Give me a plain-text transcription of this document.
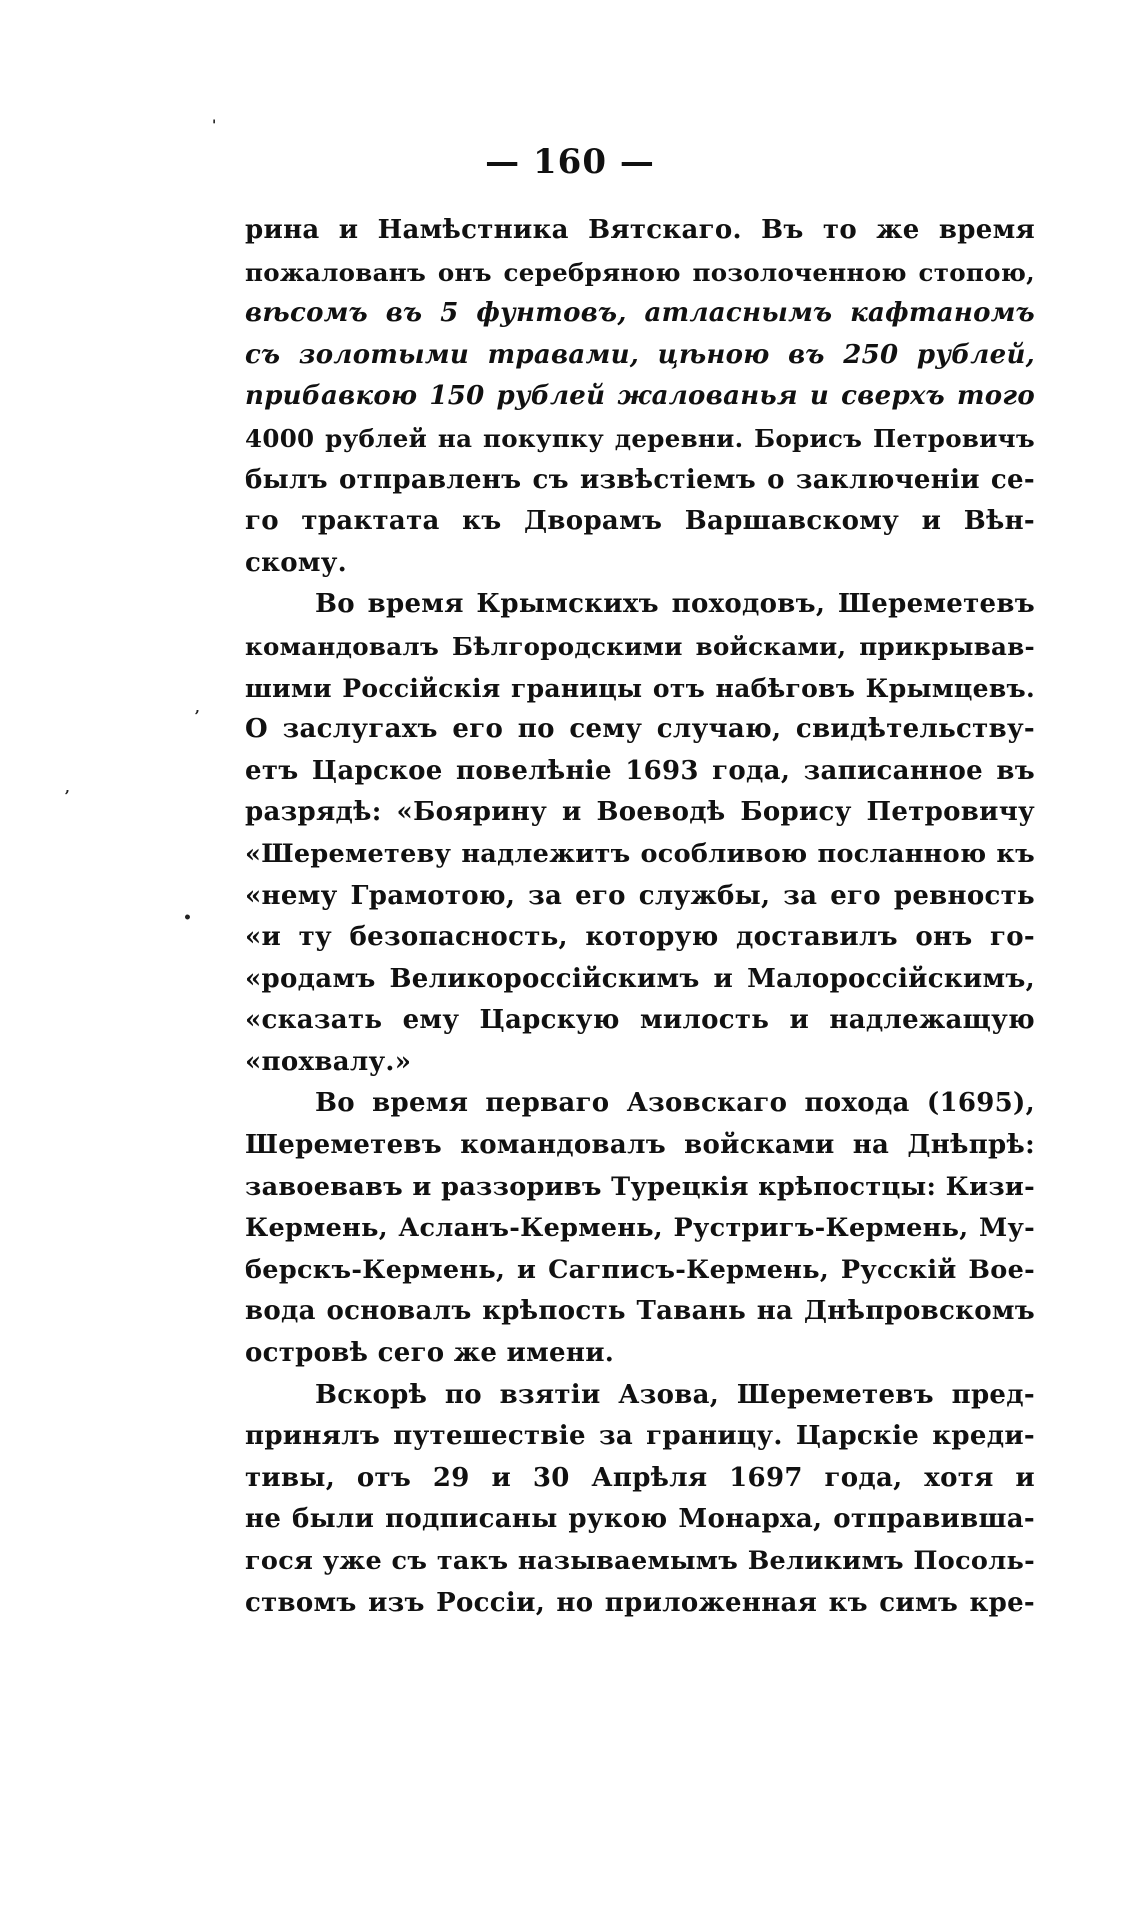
— 160 —
рина и Намѣстника Вятскаго. Въ то же время
пожалованъ онъ серебряною позолоченною стопою,
вѣсомъ въ 5 фунтовъ, атласнымъ кафтаномъ
съ золотыми травами, цѣною въ 250 рублей,
прибавкою 150 рублей жалованья и сверхъ того
4000 рублей на покупку деревни. Борисъ Петровичъ
былъ отправленъ съ извѣстіемъ о заключеніи се-
го трактата къ Дворамъ Варшавскому и Вѣн-
скому.
Во время Крымскихъ походовъ, Шереметевъ
командовалъ Бѣлгородскими войсками, прикрывав-
шими Россійскія границы отъ набѣговъ Крымцевъ.
О заслугахъ его по сему случаю, свидѣтельству-
етъ Царское повелѣніе 1693 года, записанное въ
разрядѣ: «Боярину и Воеводѣ Борису Петровичу
«Шереметеву надлежитъ особливою посланною къ
«нему Грамотою, за его службы, за его ревность
«и ту безопасность, которую доставилъ онъ го-
«родамъ Великороссійскимъ и Малороссійскимъ,
«сказать ему Царскую милость и надлежащую
«похвалу.»
Во время перваго Азовскаго похода (1695),
Шереметевъ командовалъ войсками на Днѣпрѣ:
завоевавъ и раззоривъ Турецкія крѣпостцы: Кизи-
Кермень, Асланъ-Кермень, Рустригъ-Кермень, Му-
берскъ-Кермень, и Сагписъ-Кермень, Русскій Вое-
вода основалъ крѣпость Тавань на Днѣпровскомъ
островѣ сего же имени.
Вскорѣ по взятіи Азова, Шереметевъ пред-
принялъ путешествіе за границу. Царскіе креди-
тивы, отъ 29 и 30 Апрѣля 1697 года, хотя и
не были подписаны рукою Монарха, отправивша-
гося уже съ такъ называемымъ Великимъ Посоль-
ствомъ изъ Россіи, но приложенная къ симъ кре-
'
,
,
•
